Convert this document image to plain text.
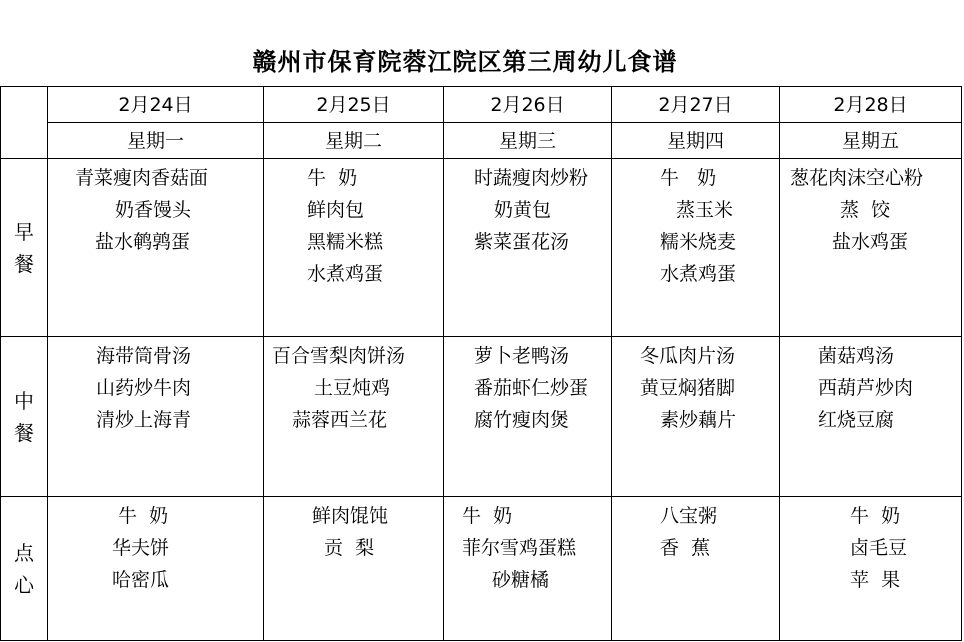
赣州市保育院蓉江院区第三周幼儿食谱
	2月24日	2月25日	2月26日	2月27日	2月28日
	星期一	星期二	星期三	星期四	星期五

早
餐	青菜瘦肉香菇面
奶香馒头
盐水鹌鹑蛋	牛  奶
鲜肉包
黑糯米糕
水煮鸡蛋	时蔬瘦肉炒粉
奶黄包
紫菜蛋花汤	牛   奶
蒸玉米
糯米烧麦
水煮鸡蛋	葱花肉沫空心粉
蒸  饺
盐水鸡蛋

中
餐	海带筒骨汤
山药炒牛肉
清炒上海青	百合雪梨肉饼汤
土豆炖鸡
蒜蓉西兰花	萝卜老鸭汤
番茄虾仁炒蛋
腐竹瘦肉煲	冬瓜肉片汤
黄豆焖猪脚
素炒藕片	菌菇鸡汤
西葫芦炒肉
红烧豆腐

点
心	牛  奶
华夫饼
哈密瓜	鲜肉馄饨
贡  梨	牛  奶
菲尔雪鸡蛋糕
砂糖橘	八宝粥
香  蕉	牛  奶
卤毛豆
苹  果
